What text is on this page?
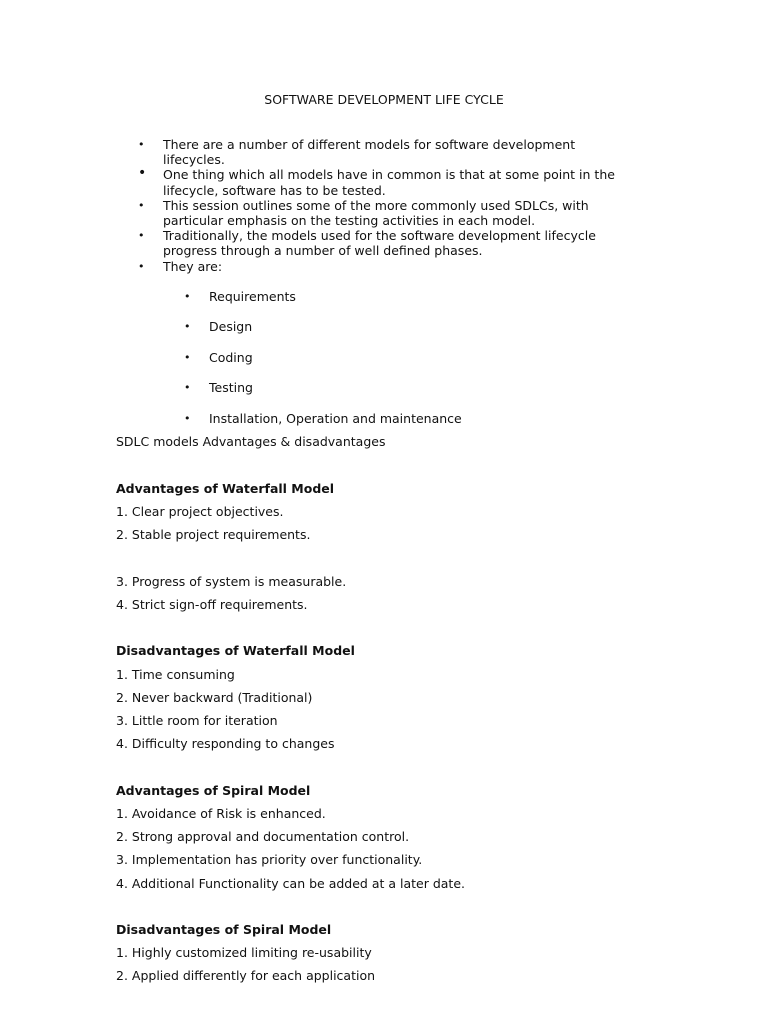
SOFTWARE DEVELOPMENT LIFE CYCLE
• There are a number of different models for software development
lifecycles.
• One thing which all models have in common is that at some point in the
lifecycle, software has to be tested.
• This session outlines some of the more commonly used SDLCs, with
particular emphasis on the testing activities in each model.
• Traditionally, the models used for the software development lifecycle
progress through a number of well defined phases.
• They are:

• Requirements

• Design

• Coding

• Testing

• Installation, Operation and maintenance

SDLC models Advantages & disadvantages
Advantages of Waterfall Model
1. Clear project objectives.
2. Stable project requirements.
3. Progress of system is measurable.
4. Strict sign-off requirements.
Disadvantages of Waterfall Model
1. Time consuming
2. Never backward (Traditional)
3. Little room for iteration
4. Difficulty responding to changes
Advantages of Spiral Model
1. Avoidance of Risk is enhanced.
2. Strong approval and documentation control.
3. Implementation has priority over functionality.
4. Additional Functionality can be added at a later date.
Disadvantages of Spiral Model
1. Highly customized limiting re-usability
2. Applied differently for each application
